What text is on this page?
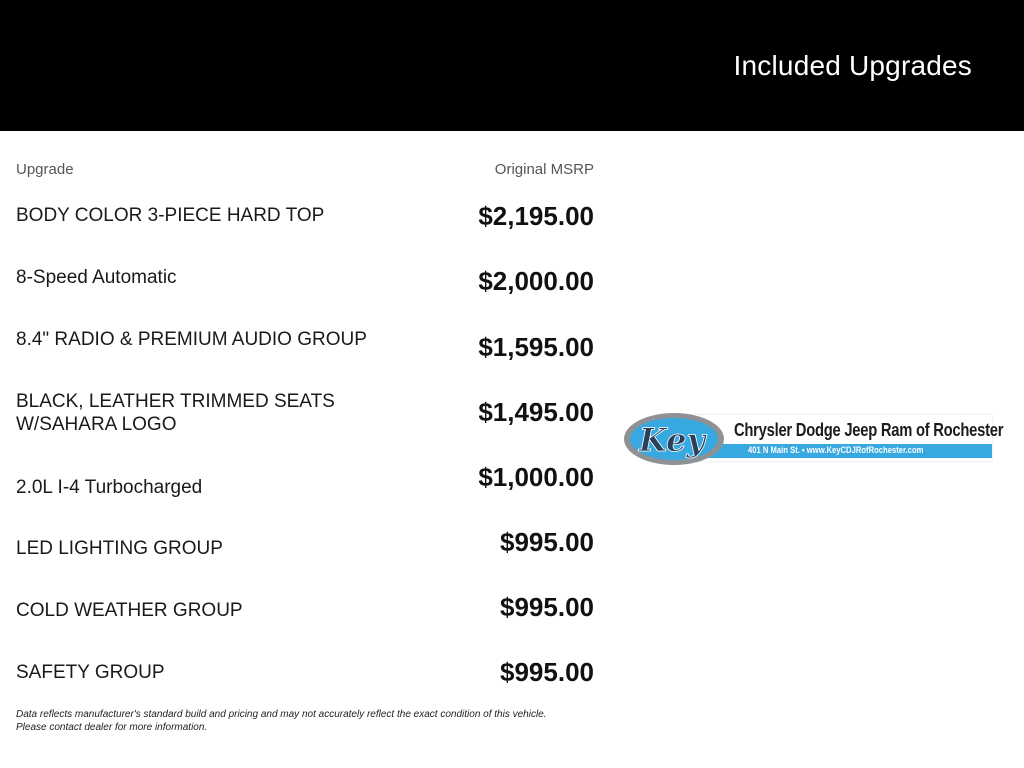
Included Upgrades
Upgrade	Original MSRP
BODY COLOR 3-PIECE HARD TOP	$2,195.00
8-Speed Automatic	$2,000.00
8.4" RADIO & PREMIUM AUDIO GROUP	$1,595.00
BLACK, LEATHER TRIMMED SEATS W/SAHARA LOGO	$1,495.00
2.0L I-4 Turbocharged	$1,000.00
LED LIGHTING GROUP	$995.00
COLD WEATHER GROUP	$995.00
SAFETY GROUP	$995.00
Data reflects manufacturer's standard build and pricing and may not accurately reflect the exact condition of this vehicle.
Please contact dealer for more information.
Key Chrysler Dodge Jeep Ram of Rochester
401 N Main St. • www.KeyCDJRofRochester.com
